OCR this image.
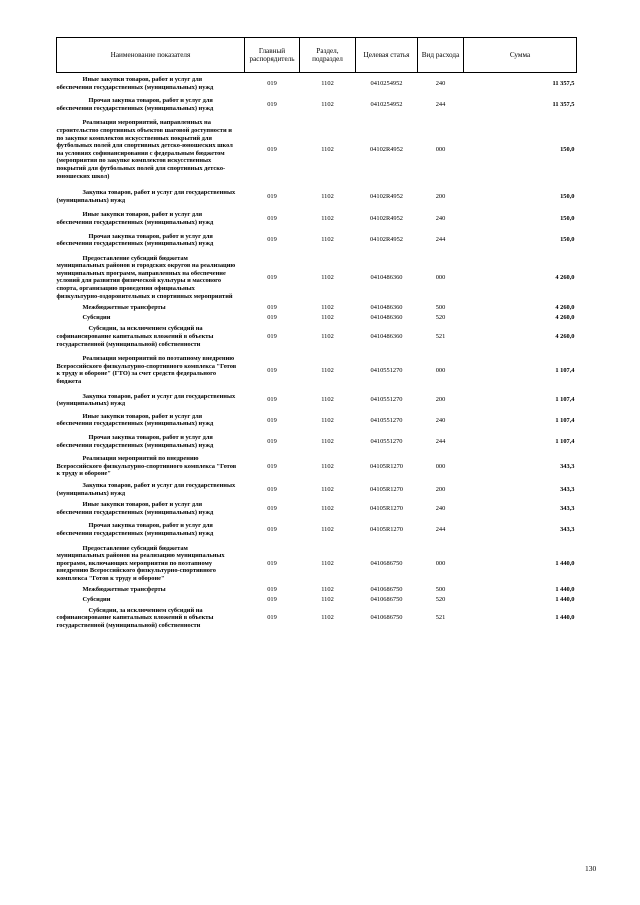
Наименование показателя	Главный распорядитель	Раздел, подраздел	Целевая статья	Вид расхода	Сумма
Иные закупки товаров, работ и услуг для обеспечения государственных (муниципальных) нужд	019	1102	0410254952	240	11 357,5
Прочая закупка товаров, работ и услуг для обеспечения государственных (муниципальных) нужд	019	1102	0410254952	244	11 357,5
Реализация мероприятий, направленных на строительство спортивных объектов шаговой доступности и по закупке комплектов искусственных покрытий для футбольных полей для спортивных детско-юношеских школ на условиях софинансирования с федеральным бюджетом (мероприятия по закупке комплектов искусственных покрытий для футбольных полей для спортивных детско-юношеских школ)	019	1102	04102R4952	000	150,0
Закупка товаров, работ и услуг для государственных (муниципальных) нужд	019	1102	04102R4952	200	150,0
Иные закупки товаров, работ и услуг для обеспечения государственных (муниципальных) нужд	019	1102	04102R4952	240	150,0
Прочая закупка товаров, работ и услуг для обеспечения государственных (муниципальных) нужд	019	1102	04102R4952	244	150,0
Предоставление субсидий бюджетам муниципальных районов и городских округов на реализацию муниципальных программ, направленных на обеспечение условий для развития физической культуры и массового спорта, организацию проведения официальных физкультурно-оздоровительных и спортивных мероприятий	019	1102	0410486360	000	4 260,0
Межбюджетные трансферты	019	1102	0410486360	500	4 260,0
Субсидии	019	1102	0410486360	520	4 260,0
Субсидии, за исключением субсидий на софинансирование капитальных вложений в объекты государственной (муниципальной) собственности	019	1102	0410486360	521	4 260,0
Реализация мероприятий по поэтапному внедрению Всероссийского физкультурно-спортивного комплекса "Готов к труду и обороне" (ГТО) за счет средств федерального бюджета	019	1102	0410551270	000	1 107,4
Закупка товаров, работ и услуг для государственных (муниципальных) нужд	019	1102	0410551270	200	1 107,4
Иные закупки товаров, работ и услуг для обеспечения государственных (муниципальных) нужд	019	1102	0410551270	240	1 107,4
Прочая закупка товаров, работ и услуг для обеспечения государственных (муниципальных) нужд	019	1102	0410551270	244	1 107,4
Реализация мероприятий по внедрению Всероссийского физкультурно-спортивного комплекса "Готов к труду и обороне"	019	1102	04105R1270	000	343,3
Закупка товаров, работ и услуг для государственных (муниципальных) нужд	019	1102	04105R1270	200	343,3
Иные закупки товаров, работ и услуг для обеспечения государственных (муниципальных) нужд	019	1102	04105R1270	240	343,3
Прочая закупка товаров, работ и услуг для обеспечения государственных (муниципальных) нужд	019	1102	04105R1270	244	343,3
Предоставление субсидий бюджетам муниципальных районов на реализацию муниципальных программ, включающих мероприятия по поэтапному внедрению Всероссийского физкультурно-спортивного комплекса "Готов к труду и обороне"	019	1102	0410686750	000	1 440,0
Межбюджетные трансферты	019	1102	0410686750	500	1 440,0
Субсидии	019	1102	0410686750	520	1 440,0
Субсидии, за исключением субсидий на софинансирование капитальных вложений в объекты государственной (муниципальной) собственности	019	1102	0410686750	521	1 440,0
130
